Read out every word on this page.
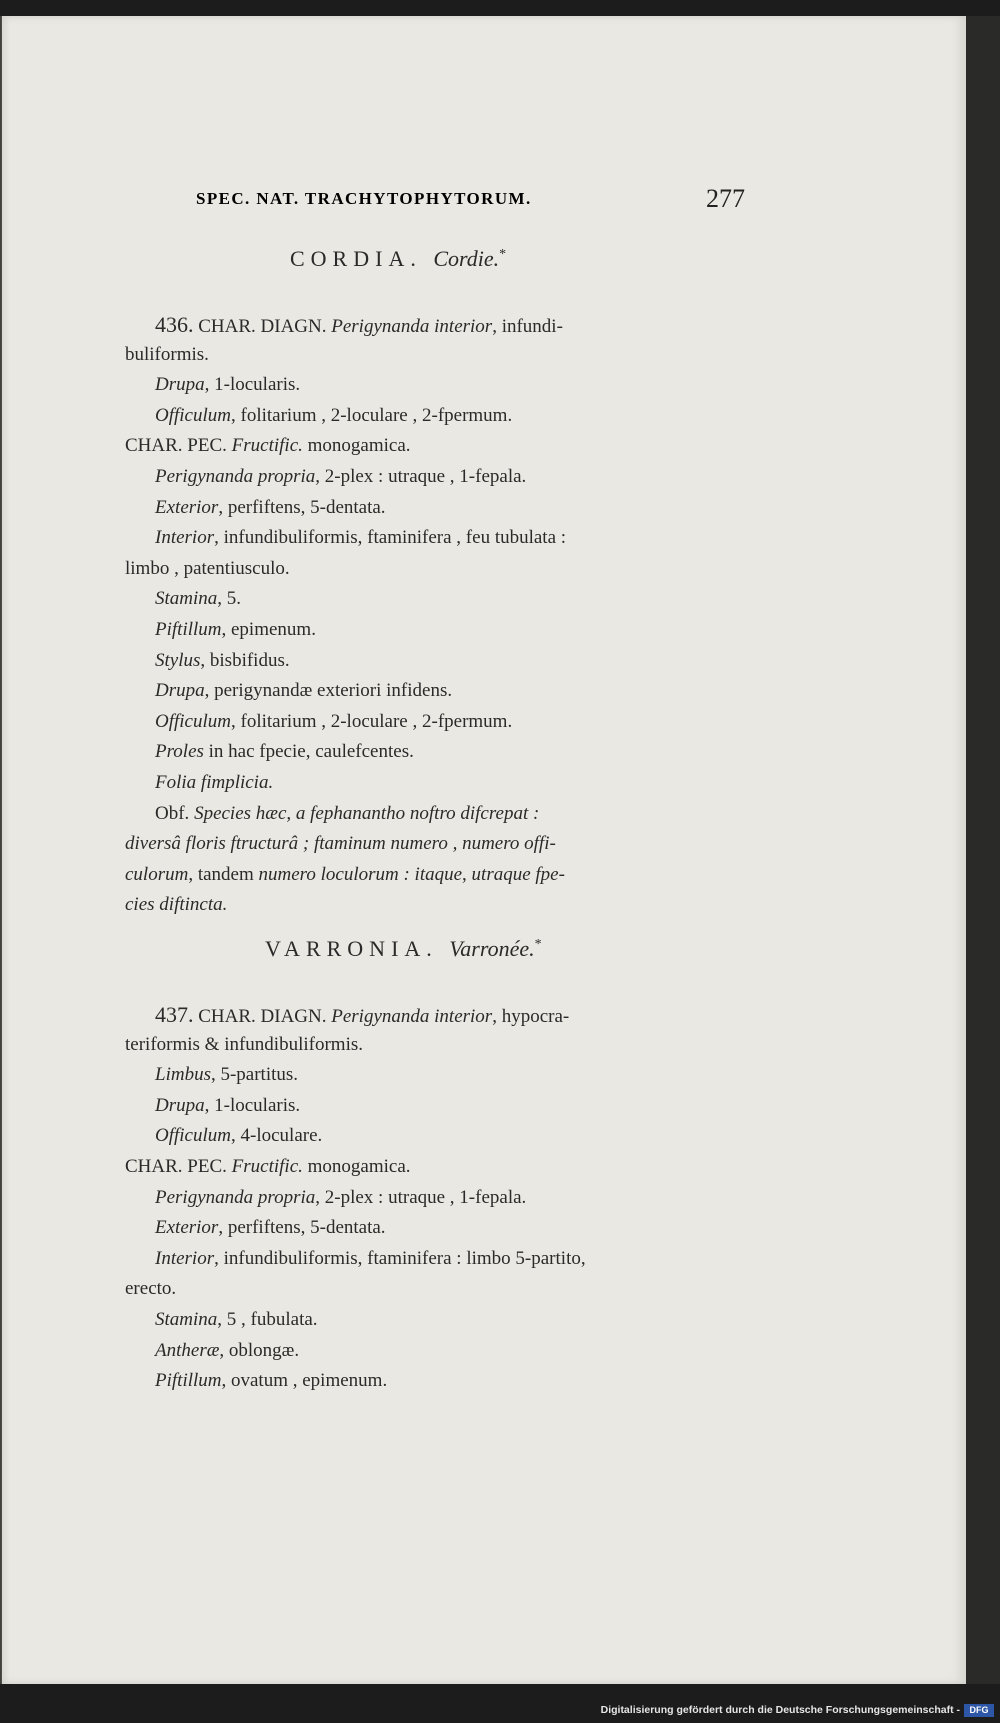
SPEC. NAT. TRACHYTOPHYTORUM.	277
CORDIA. Cordie.*
436. CHAR. DIAGN. Perigynanda interior, infundi-
buliformis.
Drupa, 1-locularis.
Officulum, folitarium , 2-loculare , 2-fpermum.
CHAR. PEC. Fructific. monogamica.
Perigynanda propria, 2-plex : utraque , 1-fepala.
Exterior, perfiftens, 5-dentata.
Interior, infundibuliformis, ftaminifera , feu tubulata :
limbo , patentiusculo.
Stamina, 5.
Piftillum, epimenum.
Stylus, bisbifidus.
Drupa, perigynandæ exteriori infidens.
Officulum, folitarium , 2-loculare , 2-fpermum.
Proles in hac fpecie, caulefcentes.
Folia fimplicia.
Obf. Species hæc, a fephanantho noftro difcrepat :
diversâ floris ftructurâ ; ftaminum numero , numero offi-
culorum, tandem numero loculorum : itaque, utraque fpe-
cies diftincta.
VARRONIA. Varronée.*
437. CHAR. DIAGN. Perigynanda interior, hypocra-
teriformis & infundibuliformis.
Limbus, 5-partitus.
Drupa, 1-locularis.
Officulum, 4-loculare.
CHAR. PEC. Fructific. monogamica.
Perigynanda propria, 2-plex : utraque , 1-fepala.
Exterior, perfiftens, 5-dentata.
Interior, infundibuliformis, ftaminifera : limbo 5-partito,
erecto.
Stamina, 5 , fubulata.
Antheræ, oblongæ.
Piftillum, ovatum , epimenum.
Digitalisierung gefördert durch die Deutsche Forschungsgemeinschaft -	DFG
